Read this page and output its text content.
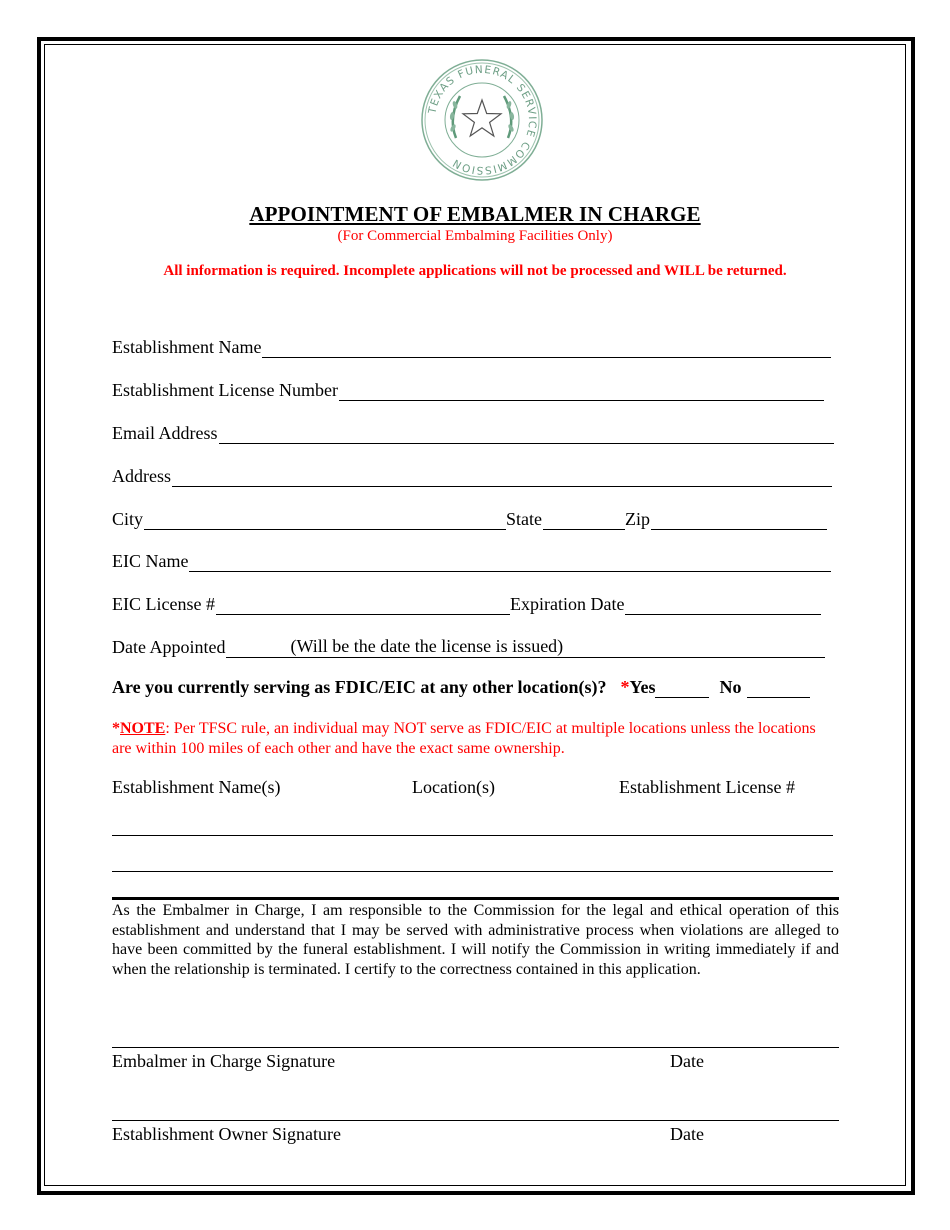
TEXAS FUNERAL SERVICE COMMISSION
APPOINTMENT OF EMBALMER IN CHARGE
(For Commercial Embalming Facilities Only)
All information is required. Incomplete applications will not be processed and WILL be returned.
Establishment Name
Establishment License Number
Email Address
Address
City	State	Zip
EIC Name
EIC License #	Expiration Date
Date Appointed	(Will be the date the license is issued)
Are you currently serving as FDIC/EIC at any other location(s)? * Yes	No
*NOTE: Per TFSC rule, an individual may NOT serve as FDIC/EIC at multiple locations unless the locations are within 100 miles of each other and have the exact same ownership.
Establishment Name(s)	Location(s)	Establishment License #
As the Embalmer in Charge, I am responsible to the Commission for the legal and ethical operation of this establishment and understand that I may be served with administrative process when violations are alleged to have been committed by the funeral establishment. I will notify the Commission in writing immediately if and when the relationship is terminated. I certify to the correctness contained in this application.
Embalmer in Charge Signature	Date
Establishment Owner Signature	Date
